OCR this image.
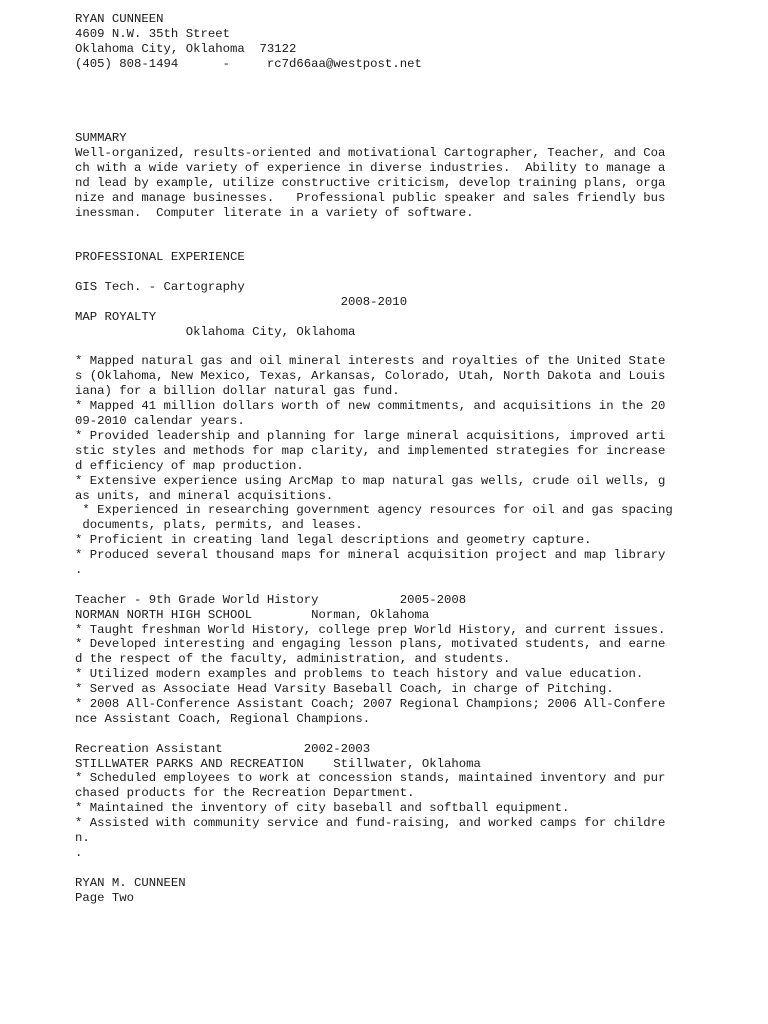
RYAN CUNNEEN
4609 N.W. 35th Street
Oklahoma City, Oklahoma  73122
(405) 808-1494      -     rc7d66aa@westpost.net
SUMMARY
Well-organized, results-oriented and motivational Cartographer, Teacher, and Coa
ch with a wide variety of experience in diverse industries.  Ability to manage a
nd lead by example, utilize constructive criticism, develop training plans, orga
nize and manage businesses.   Professional public speaker and sales friendly bus
inessman.  Computer literate in a variety of software.
PROFESSIONAL EXPERIENCE
GIS Tech. - Cartography
2008-2010
MAP ROYALTY
Oklahoma City, Oklahoma
* Mapped natural gas and oil mineral interests and royalties of the United State
s (Oklahoma, New Mexico, Texas, Arkansas, Colorado, Utah, North Dakota and Louis
iana) for a billion dollar natural gas fund.
* Mapped 41 million dollars worth of new commitments, and acquisitions in the 20
09-2010 calendar years.
* Provided leadership and planning for large mineral acquisitions, improved arti
stic styles and methods for map clarity, and implemented strategies for increase
d efficiency of map production.
* Extensive experience using ArcMap to map natural gas wells, crude oil wells, g
as units, and mineral acquisitions.
* Experienced in researching government agency resources for oil and gas spacing
documents, plats, permits, and leases.
* Proficient in creating land legal descriptions and geometry capture.
* Produced several thousand maps for mineral acquisition project and map library
.
Teacher - 9th Grade World History           2005-2008
NORMAN NORTH HIGH SCHOOL        Norman, Oklahoma
* Taught freshman World History, college prep World History, and current issues.
* Developed interesting and engaging lesson plans, motivated students, and earne
d the respect of the faculty, administration, and students.
* Utilized modern examples and problems to teach history and value education.
* Served as Associate Head Varsity Baseball Coach, in charge of Pitching.
* 2008 All-Conference Assistant Coach; 2007 Regional Champions; 2006 All-Confere
nce Assistant Coach, Regional Champions.
Recreation Assistant           2002-2003
STILLWATER PARKS AND RECREATION    Stillwater, Oklahoma
* Scheduled employees to work at concession stands, maintained inventory and pur
chased products for the Recreation Department.
* Maintained the inventory of city baseball and softball equipment.
* Assisted with community service and fund-raising, and worked camps for childre
n.
.
RYAN M. CUNNEEN
Page Two
